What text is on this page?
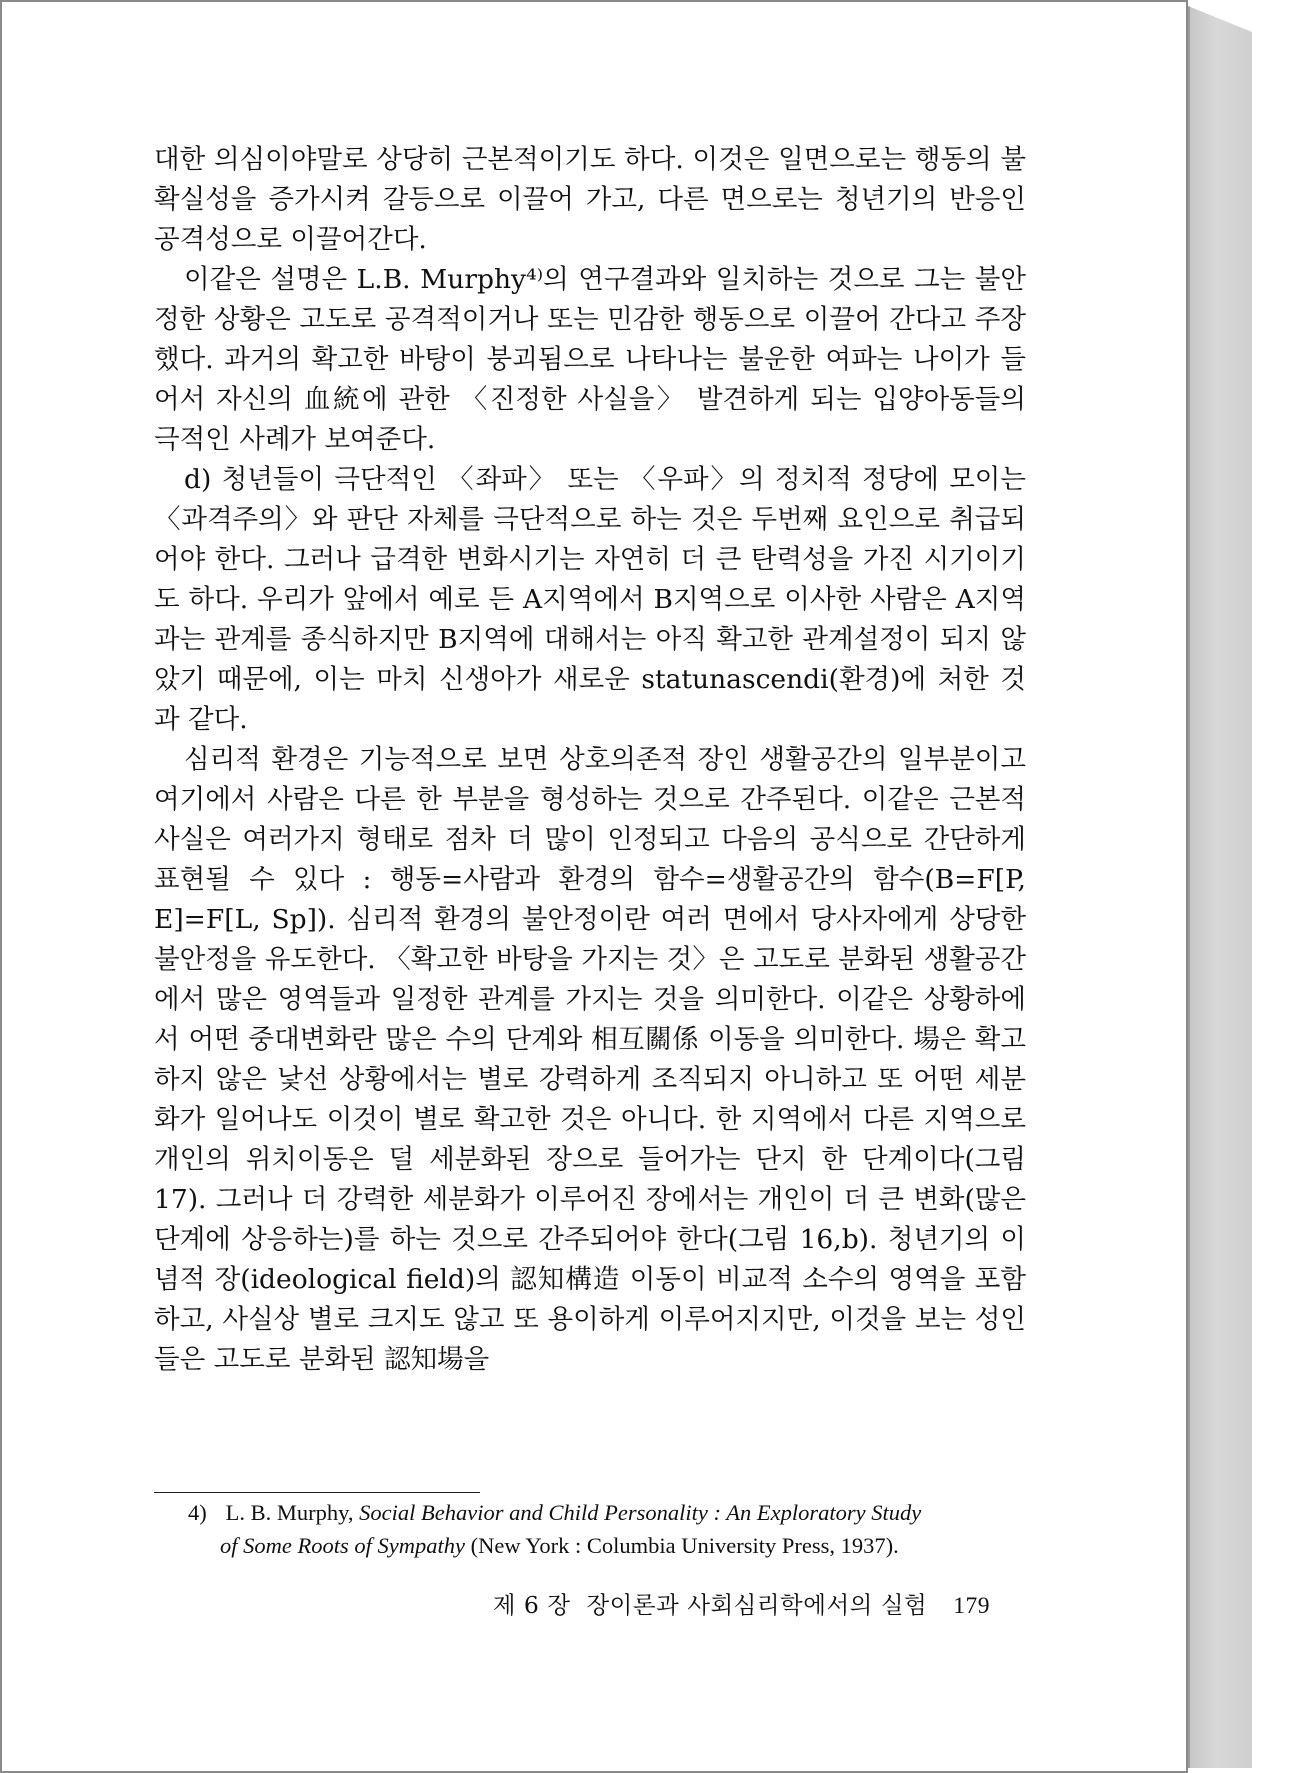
대한 의심이야말로 상당히 근본적이기도 하다. 이것은 일면으로는 행동의 불확실성을 증가시켜 갈등으로 이끌어 가고, 다른 면으로는 청년기의 반응인 공격성으로 이끌어간다.

이같은 설명은 L.B. Murphy⁴⁾의 연구결과와 일치하는 것으로 그는 불안정한 상황은 고도로 공격적이거나 또는 민감한 행동으로 이끌어 간다고 주장했다. 과거의 확고한 바탕이 붕괴됨으로 나타나는 불운한 여파는 나이가 들어서 자신의 血統에 관한 〈진정한 사실을〉 발견하게 되는 입양아동들의 극적인 사례가 보여준다.

d) 청년들이 극단적인 〈좌파〉 또는 〈우파〉의 정치적 정당에 모이는 〈과격주의〉와 판단 자체를 극단적으로 하는 것은 두번째 요인으로 취급되어야 한다. 그러나 급격한 변화시기는 자연히 더 큰 탄력성을 가진 시기이기도 하다. 우리가 앞에서 예로 든 A지역에서 B지역으로 이사한 사람은 A지역과는 관계를 종식하지만 B지역에 대해서는 아직 확고한 관계설정이 되지 않았기 때문에, 이는 마치 신생아가 새로운 statunascendi(환경)에 처한 것과 같다.

심리적 환경은 기능적으로 보면 상호의존적 장인 생활공간의 일부분이고 여기에서 사람은 다른 한 부분을 형성하는 것으로 간주된다. 이같은 근본적 사실은 여러가지 형태로 점차 더 많이 인정되고 다음의 공식으로 간단하게 표현될 수 있다 : 행동=사람과 환경의 함수=생활공간의 함수(B=F[P, E]=F[L, Sp]). 심리적 환경의 불안정이란 여러 면에서 당사자에게 상당한 불안정을 유도한다. 〈확고한 바탕을 가지는 것〉은 고도로 분화된 생활공간에서 많은 영역들과 일정한 관계를 가지는 것을 의미한다. 이같은 상황하에서 어떤 중대변화란 많은 수의 단계와 相互關係 이동을 의미한다. 場은 확고하지 않은 낯선 상황에서는 별로 강력하게 조직되지 아니하고 또 어떤 세분화가 일어나도 이것이 별로 확고한 것은 아니다. 한 지역에서 다른 지역으로 개인의 위치이동은 덜 세분화된 장으로 들어가는 단지 한 단계이다(그림 17). 그러나 더 강력한 세분화가 이루어진 장에서는 개인이 더 큰 변화(많은 단계에 상응하는)를 하는 것으로 간주되어야 한다(그림 16,b). 청년기의 이념적 장(ideological field)의 認知構造 이동이 비교적 소수의 영역을 포함하고, 사실상 별로 크지도 않고 또 용이하게 이루어지지만, 이것을 보는 성인들은 고도로 분화된 認知場을

4) L. B. Murphy, Social Behavior and Child Personality : An Exploratory Study
of Some Roots of Sympathy (New York : Columbia University Press, 1937).
제 6 장  장이론과 사회심리학에서의 실험 179
